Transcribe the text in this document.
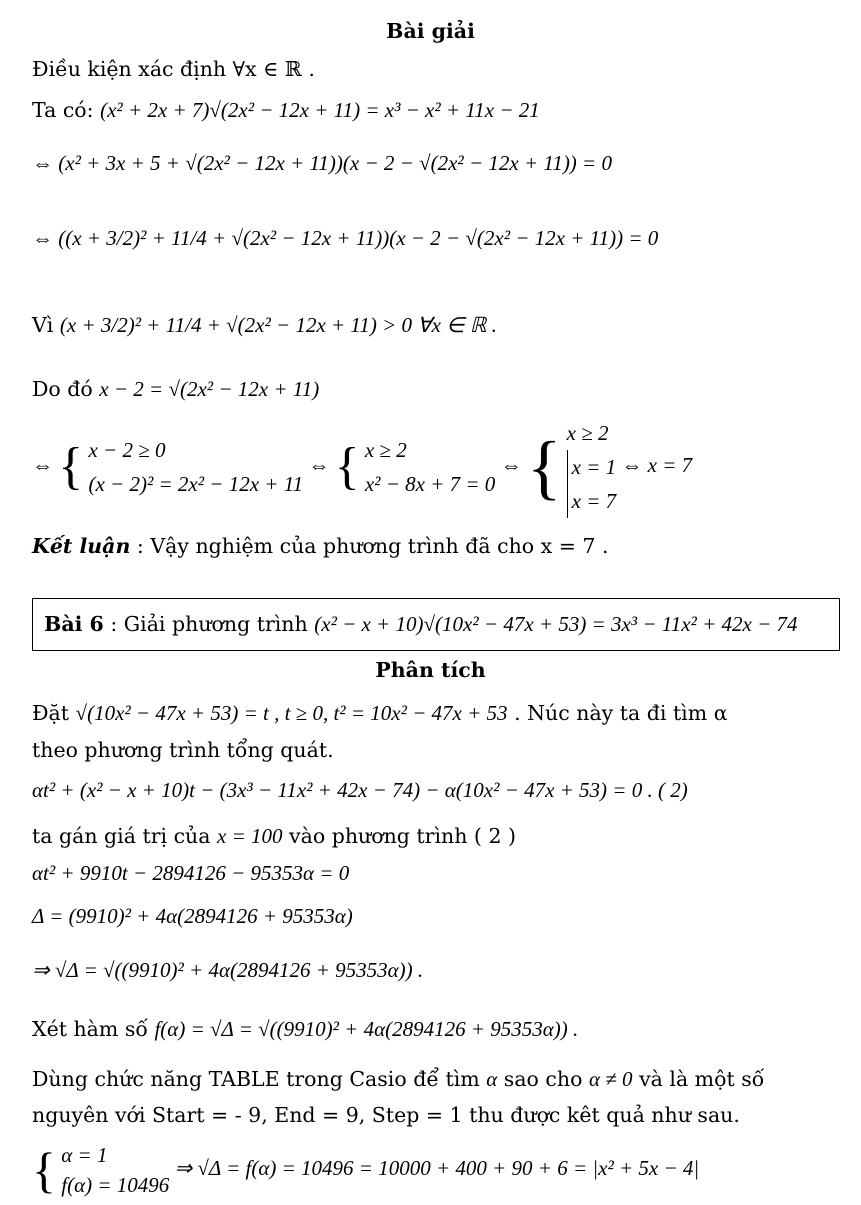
Bài giải
Điều kiện xác định ∀x ∈ ℝ .
Ta có: (x² + 2x + 7)√(2x² − 12x + 11) = x³ − x² + 11x − 21
⇔ (x² + 3x + 5 + √(2x² − 12x + 11))(x − 2 − √(2x² − 12x + 11)) = 0
⇔ ((x + 3/2)² + 11/4 + √(2x² − 12x + 11))(x − 2 − √(2x² − 12x + 11)) = 0
Vì (x + 3/2)² + 11/4 + √(2x² − 12x + 11) > 0 ∀x ∈ ℝ .
Do đó x − 2 = √(2x² − 12x + 11)
⇔ { x − 2 ≥ 0
(x − 2)² = 2x² − 12x + 11
⇔ { x ≥ 2
x² − 8x + 7 = 0
⇔ { x ≥ 2
x = 1
x = 7
⇔ x = 7
Kết luận : Vậy nghiệm của phương trình đã cho x = 7 .
Bài 6 : Giải phương trình (x² − x + 10)√(10x² − 47x + 53) = 3x³ − 11x² + 42x − 74
Phân tích
Đặt √(10x² − 47x + 53) = t , t ≥ 0, t² = 10x² − 47x + 53 . Núc này ta đi tìm α
theo phương trình tổng quát.
αt² + (x² − x + 10)t − (3x³ − 11x² + 42x − 74) − α(10x² − 47x + 53) = 0 . ( 2)
ta gán giá trị của x = 100 vào phương trình ( 2 )
αt² + 9910t − 2894126 − 95353α = 0
Δ = (9910)² + 4α(2894126 + 95353α)
⇒ √Δ = √((9910)² + 4α(2894126 + 95353α)) .
Xét hàm số f(α) = √Δ = √((9910)² + 4α(2894126 + 95353α)) .
Dùng chức năng TABLE trong Casio để tìm α sao cho α ≠ 0 và là một số
nguyên với Start = - 9, End = 9, Step = 1 thu được kêt quả như sau.
{ α = 1
f(α) = 10496
⇒ √Δ = f(α) = 10496 = 10000 + 400 + 90 + 6 = |x² + 5x − 4|
